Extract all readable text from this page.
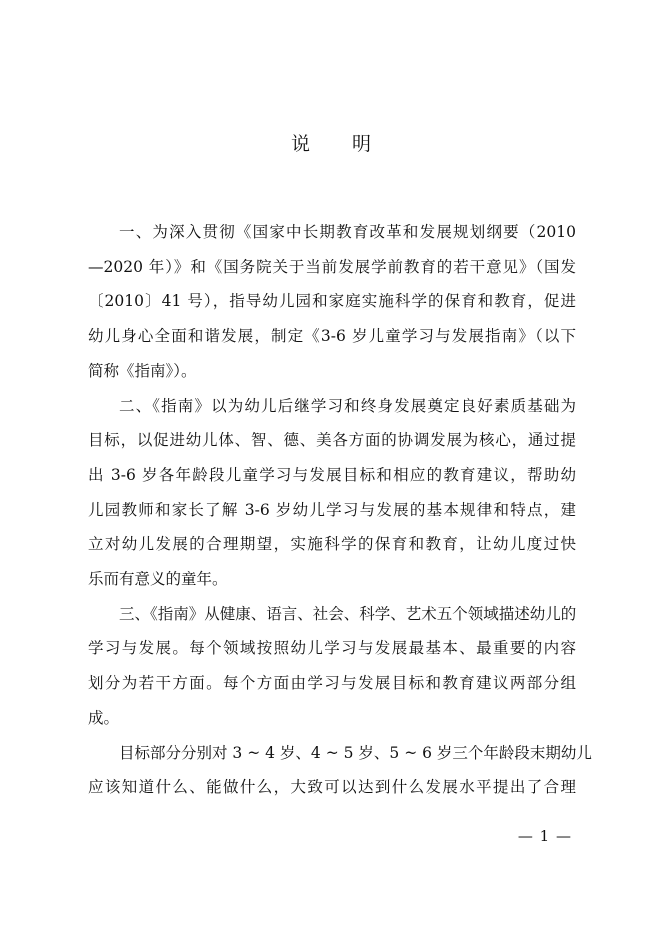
说 明
一、为深入贯彻《国家中长期教育改革和发展规划纲要（2010
—2020 年）》和《国务院关于当前发展学前教育的若干意见》（国发
〔2010〕41 号），指导幼儿园和家庭实施科学的保育和教育，促进
幼儿身心全面和谐发展，制定《3-6 岁儿童学习与发展指南》（以下
简称《指南》）。
二、《指南》以为幼儿后继学习和终身发展奠定良好素质基础为
目标，以促进幼儿体、智、德、美各方面的协调发展为核心，通过提
出 3-6 岁各年龄段儿童学习与发展目标和相应的教育建议，帮助幼
儿园教师和家长了解 3-6 岁幼儿学习与发展的基本规律和特点，建
立对幼儿发展的合理期望，实施科学的保育和教育，让幼儿度过快
乐而有意义的童年。
三、《指南》从健康、语言、社会、科学、艺术五个领域描述幼儿的
学习与发展。每个领域按照幼儿学习与发展最基本、最重要的内容
划分为若干方面。每个方面由学习与发展目标和教育建议两部分组
成。
目标部分分别对 3 ~ 4 岁、4 ~ 5 岁、5 ~ 6 岁三个年龄段末期幼儿
应该知道什么、能做什么，大致可以达到什么发展水平提出了合理
— 1 —
